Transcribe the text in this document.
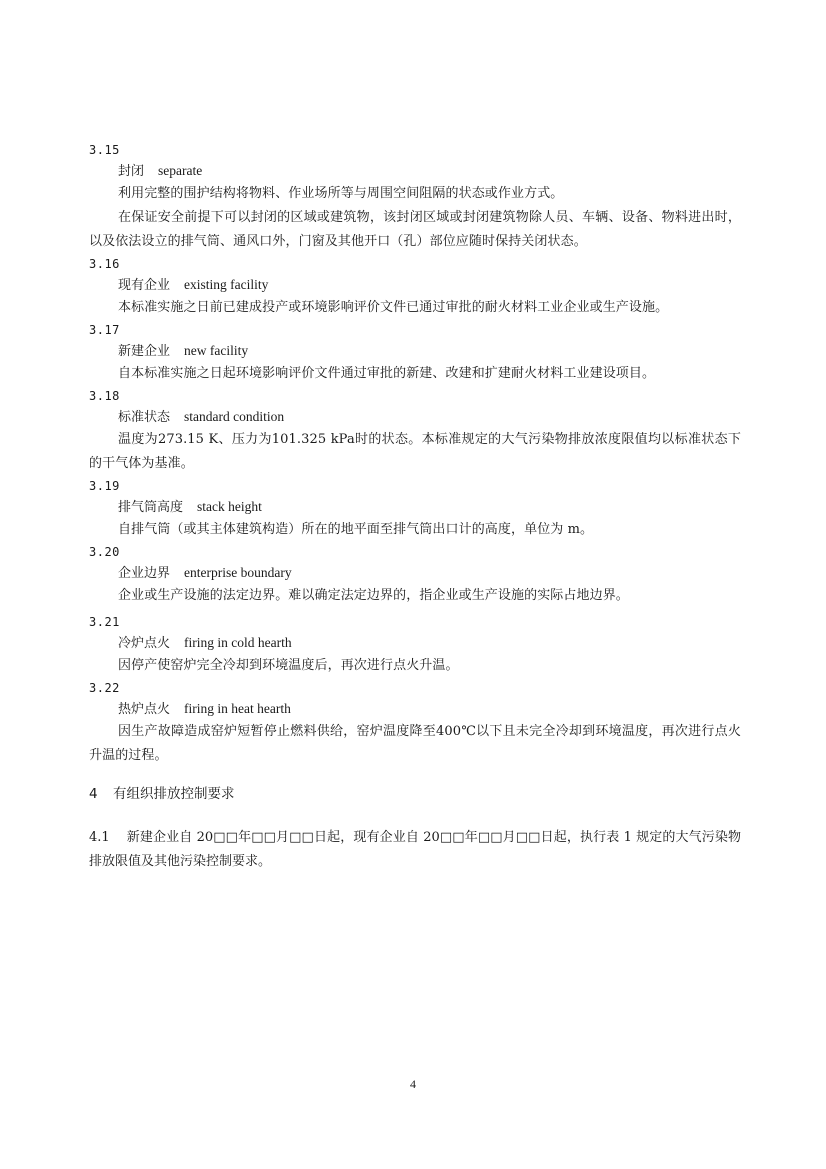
3.15
封闭 separate
利用完整的围护结构将物料、作业场所等与周围空间阻隔的状态或作业方式。
在保证安全前提下可以封闭的区域或建筑物，该封闭区域或封闭建筑物除人员、车辆、设备、物料进出时，以及依法设立的排气筒、通风口外，门窗及其他开口（孔）部位应随时保持关闭状态。
3.16
现有企业 existing facility
本标准实施之日前已建成投产或环境影响评价文件已通过审批的耐火材料工业企业或生产设施。
3.17
新建企业 new facility
自本标准实施之日起环境影响评价文件通过审批的新建、改建和扩建耐火材料工业建设项目。
3.18
标准状态 standard condition
温度为273.15 K、压力为101.325 kPa时的状态。本标准规定的大气污染物排放浓度限值均以标准状态下的干气体为基准。
3.19
排气筒高度 stack height
自排气筒（或其主体建筑构造）所在的地平面至排气筒出口计的高度，单位为 m。
3.20
企业边界 enterprise boundary
企业或生产设施的法定边界。难以确定法定边界的，指企业或生产设施的实际占地边界。
3.21
冷炉点火 firing in cold hearth
因停产使窑炉完全冷却到环境温度后，再次进行点火升温。
3.22
热炉点火 firing in heat hearth
因生产故障造成窑炉短暂停止燃料供给，窑炉温度降至400℃以下且未完全冷却到环境温度，再次进行点火升温的过程。
4 有组织排放控制要求
4.1 新建企业自 20□□年□□月□□日起，现有企业自 20□□年□□月□□日起，执行表 1 规定的大气污染物排放限值及其他污染控制要求。
4
